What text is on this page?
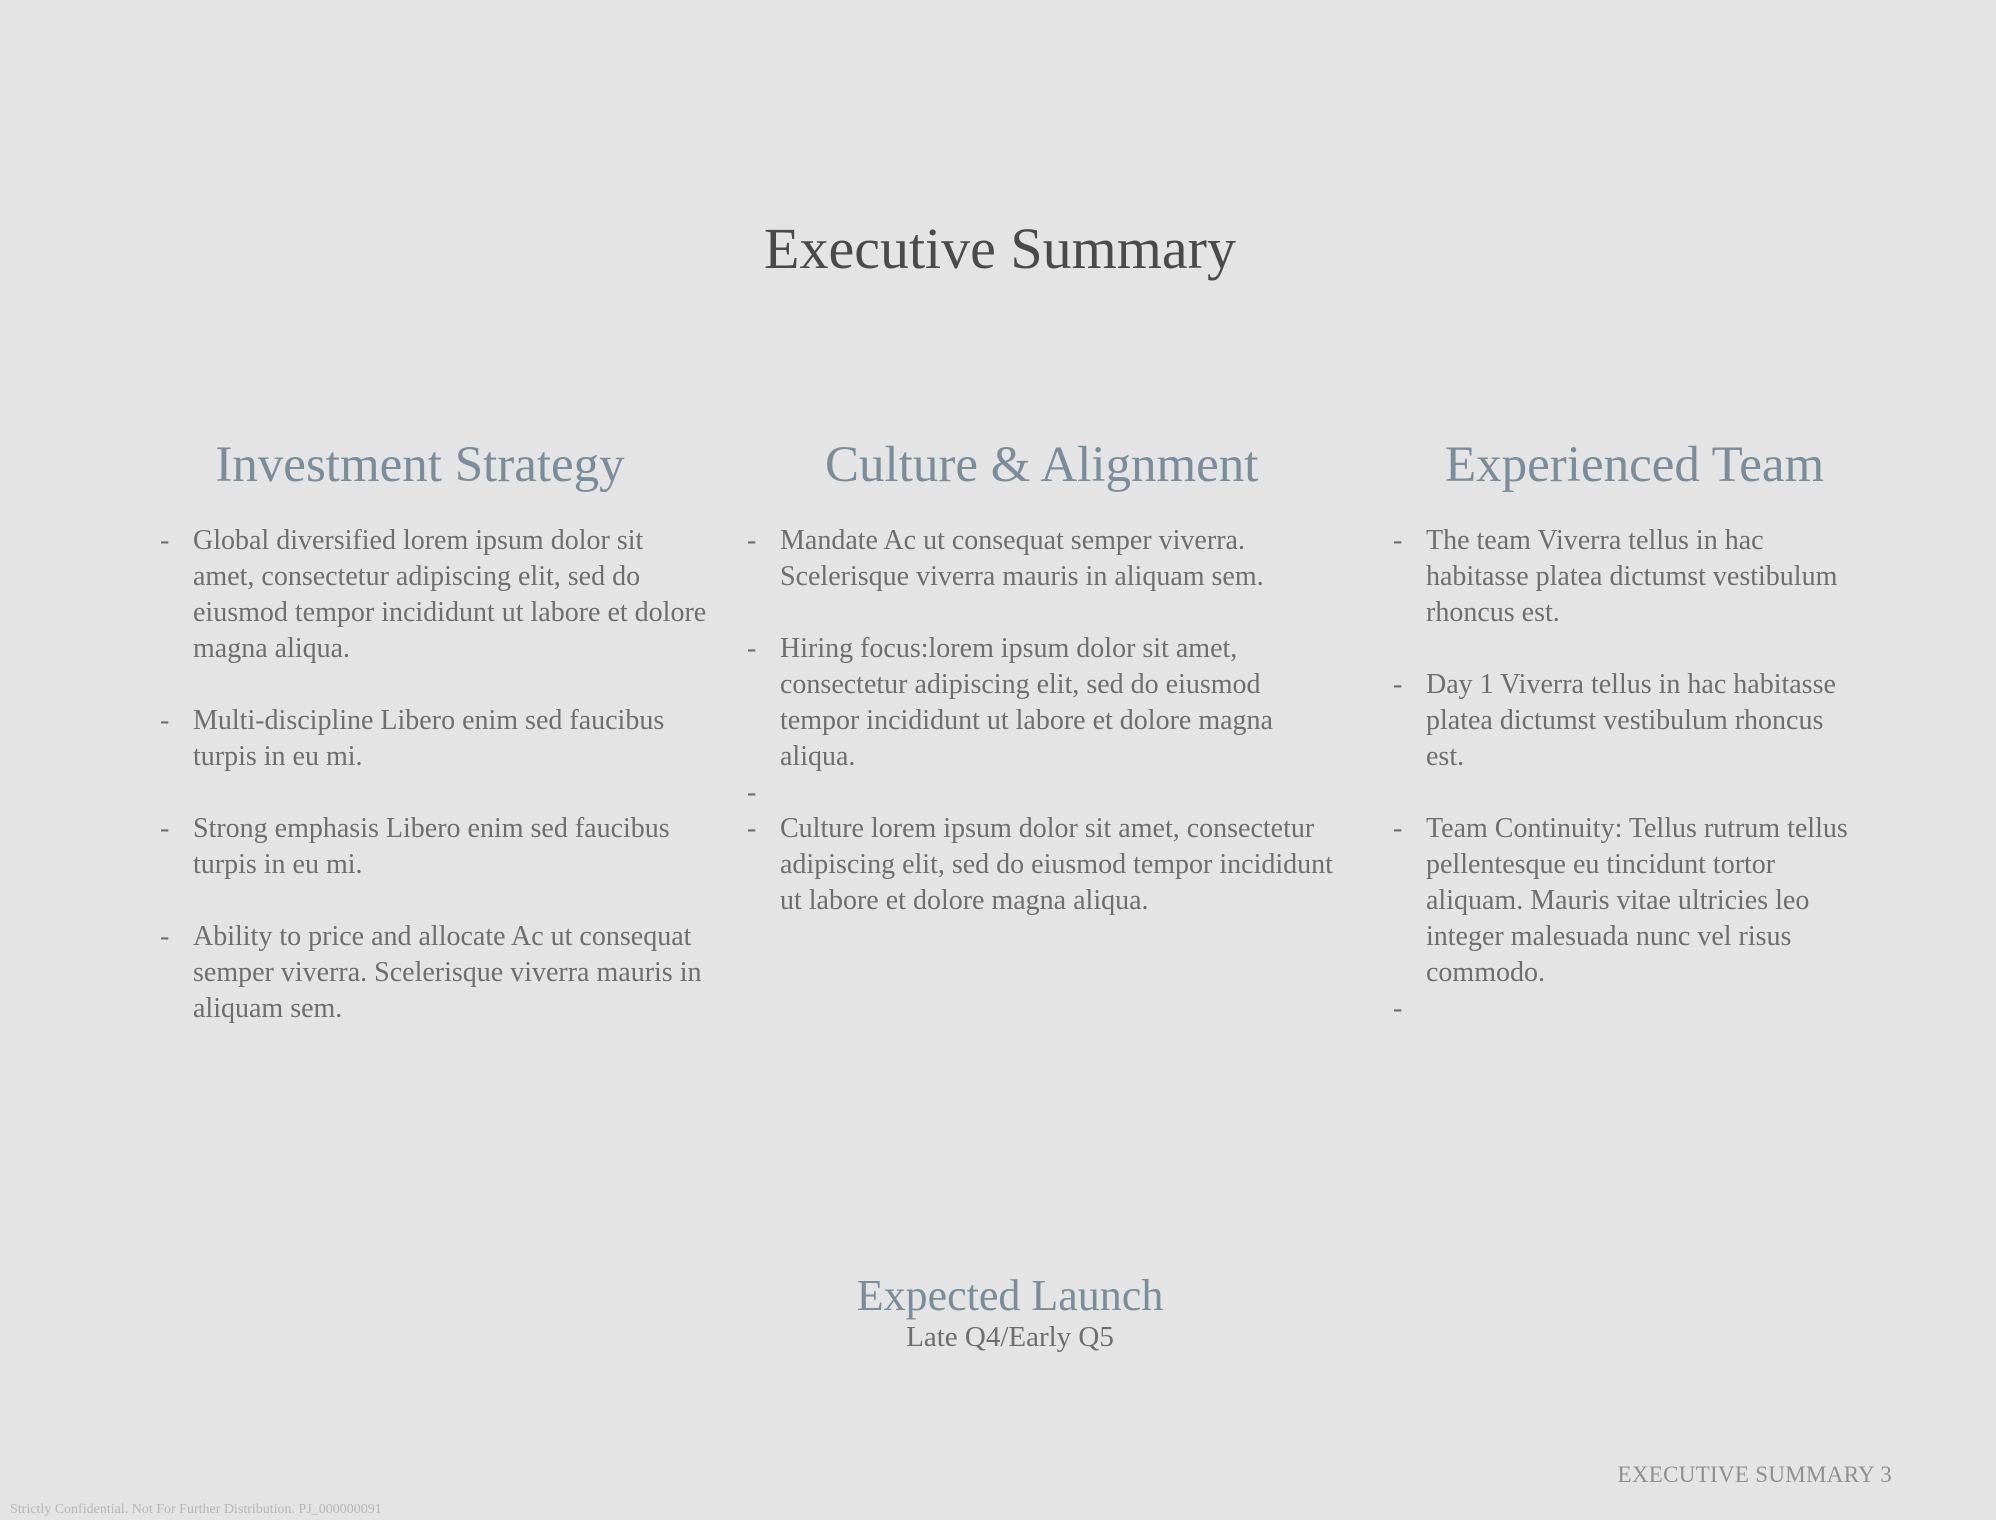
Executive Summary
Investment Strategy
- Global diversified lorem ipsum dolor sit amet, consectetur adipiscing elit, sed do eiusmod tempor incididunt ut labore et dolore magna aliqua.
- Multi-discipline Libero enim sed faucibus turpis in eu mi.
- Strong emphasis Libero enim sed faucibus turpis in eu mi.
- Ability to price and allocate Ac ut consequat semper viverra. Scelerisque viverra mauris in aliquam sem.
Culture & Alignment
- Mandate Ac ut consequat semper viverra. Scelerisque viverra mauris in aliquam sem.
- Hiring focus:lorem ipsum dolor sit amet, consectetur adipiscing elit, sed do eiusmod tempor incididunt ut labore et dolore magna aliqua.
-
- Culture lorem ipsum dolor sit amet, consectetur adipiscing elit, sed do eiusmod tempor incididunt ut labore et dolore magna aliqua.
Experienced Team
- The team Viverra tellus in hac habitasse platea dictumst vestibulum rhoncus est.
- Day 1 Viverra tellus in hac habitasse platea dictumst vestibulum rhoncus est.
- Team Continuity: Tellus rutrum tellus pellentesque eu tincidunt tortor aliquam. Mauris vitae ultricies leo integer malesuada nunc vel risus commodo.
-
Expected Launch
Late Q4/Early Q5
EXECUTIVE SUMMARY 3
Strictly Confidential. Not For Further Distribution. PJ_000000091
